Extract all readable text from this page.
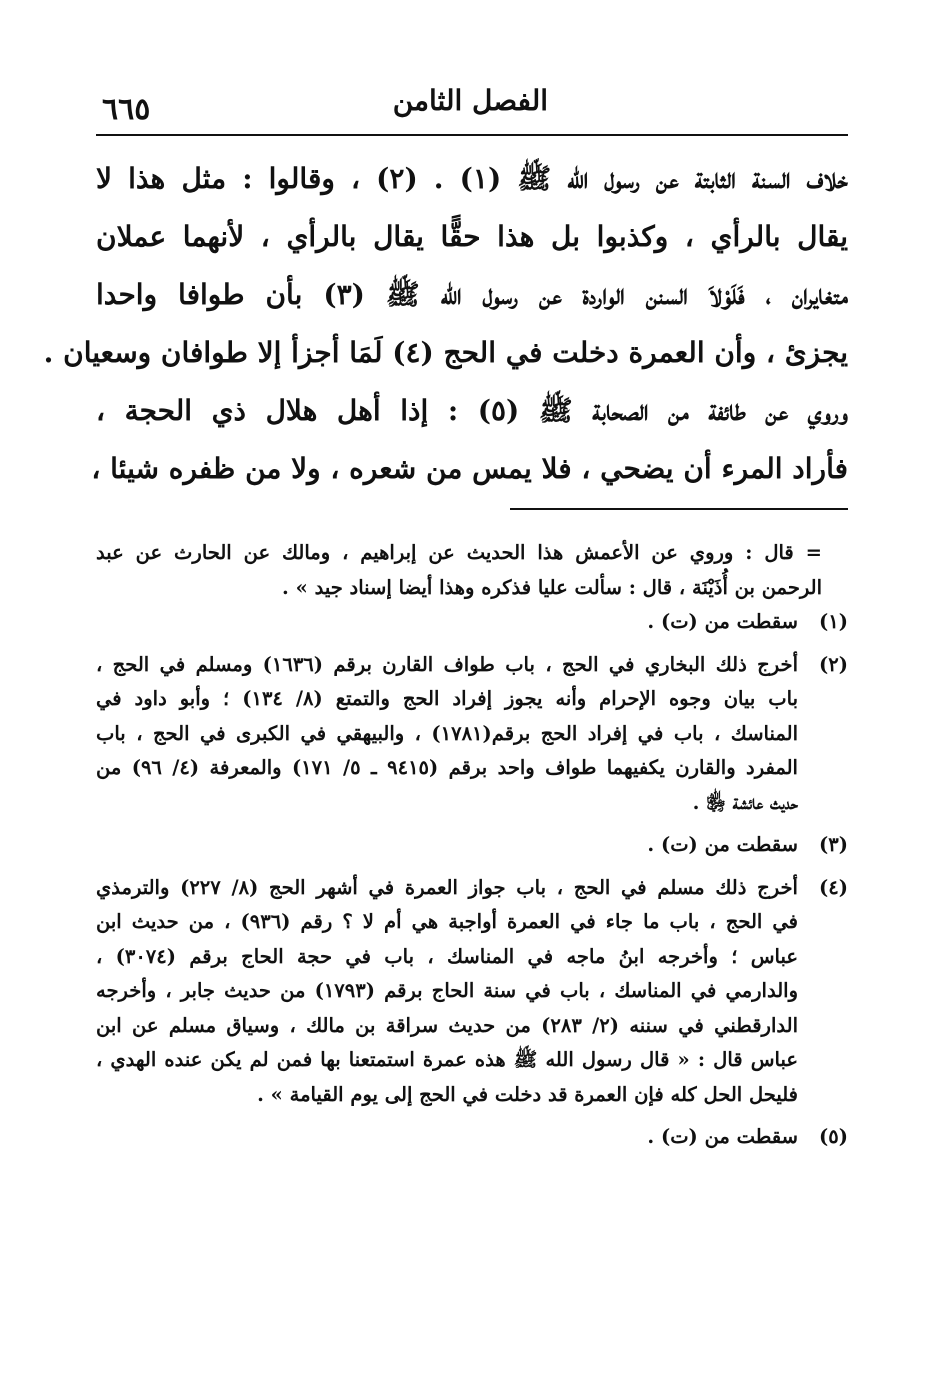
الفصل الثامن
٦٦٥
خلاف السنة الثابتة عن رسول الله ﷺ (١) . (٢) ، وقالوا : مثل هذا لا
يقال بالرأي ، وكذبوا بل هذا حقًّا يقال بالرأي ، لأنهما عملان
متغايران ، فَلَوْلاَ السنن الواردة عن رسول الله ﷺ (٣) بأن طوافا واحدا
يجزئ ، وأن العمرة دخلت في الحج (٤) لَمَا أجزأ إلا طوافان وسعيان .
وروي عن طائفة من الصحابة ﷺ (٥) : إذا أهل هلال ذي الحجة ،
فأراد المرء أن يضحي ، فلا يمس من شعره ، ولا من ظفره شيئا ،
= قال : وروي عن الأعمش هذا الحديث عن إبراهيم ، ومالك عن الحارث عن عبد
الرحمن بن أُذَيْنَة ، قال : سألت عليا فذكره وهذا أيضا إسناد جيد » .
(١)
سقطت من (ت) .
(٢)
أخرج ذلك البخاري في الحج ، باب طواف القارن برقم (١٦٣٦) ومسلم في الحج ،
باب بيان وجوه الإحرام وأنه يجوز إفراد الحج والتمتع (٨/ ١٣٤) ؛ وأبو داود في
المناسك ، باب في إفراد الحج برقم(١٧٨١) ، والبيهقي في الكبرى في الحج ، باب
المفرد والقارن يكفيهما طواف واحد برقم (٩٤١٥ ـ ٥/ ١٧١) والمعرفة (٤/ ٩٦) من
حديث عائشة ﵂ .
(٣)
سقطت من (ت) .
(٤)
أخرج ذلك مسلم في الحج ، باب جواز العمرة في أشهر الحج (٨/ ٢٢٧) والترمذي
في الحج ، باب ما جاء في العمرة أواجبة هي أم لا ؟ رقم (٩٣٦) ، من حديث ابن
عباس ؛ وأخرجه ابنُ ماجه في المناسك ، باب في حجة الحاج برقم (٣٠٧٤) ،
والدارمي في المناسك ، باب في سنة الحاج برقم (١٧٩٣) من حديث جابر ، وأخرجه
الدارقطني في سننه (٢/ ٢٨٣) من حديث سراقة بن مالك ، وسياق مسلم عن ابن
عباس قال : « قال رسول الله ﷺ هذه عمرة استمتعنا بها فمن لم يكن عنده الهدي ،
فليحل الحل كله فإن العمرة قد دخلت في الحج إلى يوم القيامة » .
(٥)
سقطت من (ت) .
